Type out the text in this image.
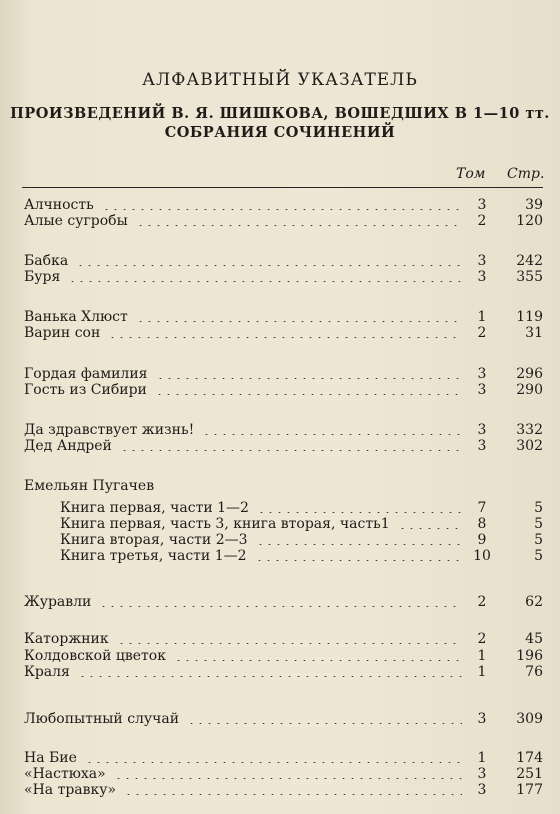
АЛФАВИТНЫЙ УКАЗАТЕЛЬ
ПРОИЗВЕДЕНИЙ В. Я. ШИШКОВА, ВОШЕДШИХ В 1—10 тт.
СОБРАНИЯ СОЧИНЕНИЙ
Том Стр.
Алчность	3	39
Алые сугробы	2	120
Бабка	3	242
Буря	3	355
Ванька Хлюст	1	119
Варин сон	2	31
Гордая фамилия	3	296
Гость из Сибири	3	290
Да здравствует жизнь!	3	332
Дед Андрей	3	302
Емельян Пугачев
Книга первая, части 1—2	7	5
Книга первая, часть 3, книга вторая, часть1	8	5
Книга вторая, части 2—3	9	5
Книга третья, части 1—2	10	5
Журавли	2	62
Каторжник	2	45
Колдовской цветок	1	196
Краля	1	76
Любопытный случай	3	309
На Бие	1	174
«Настюха»	3	251
«На травку»	3	177
